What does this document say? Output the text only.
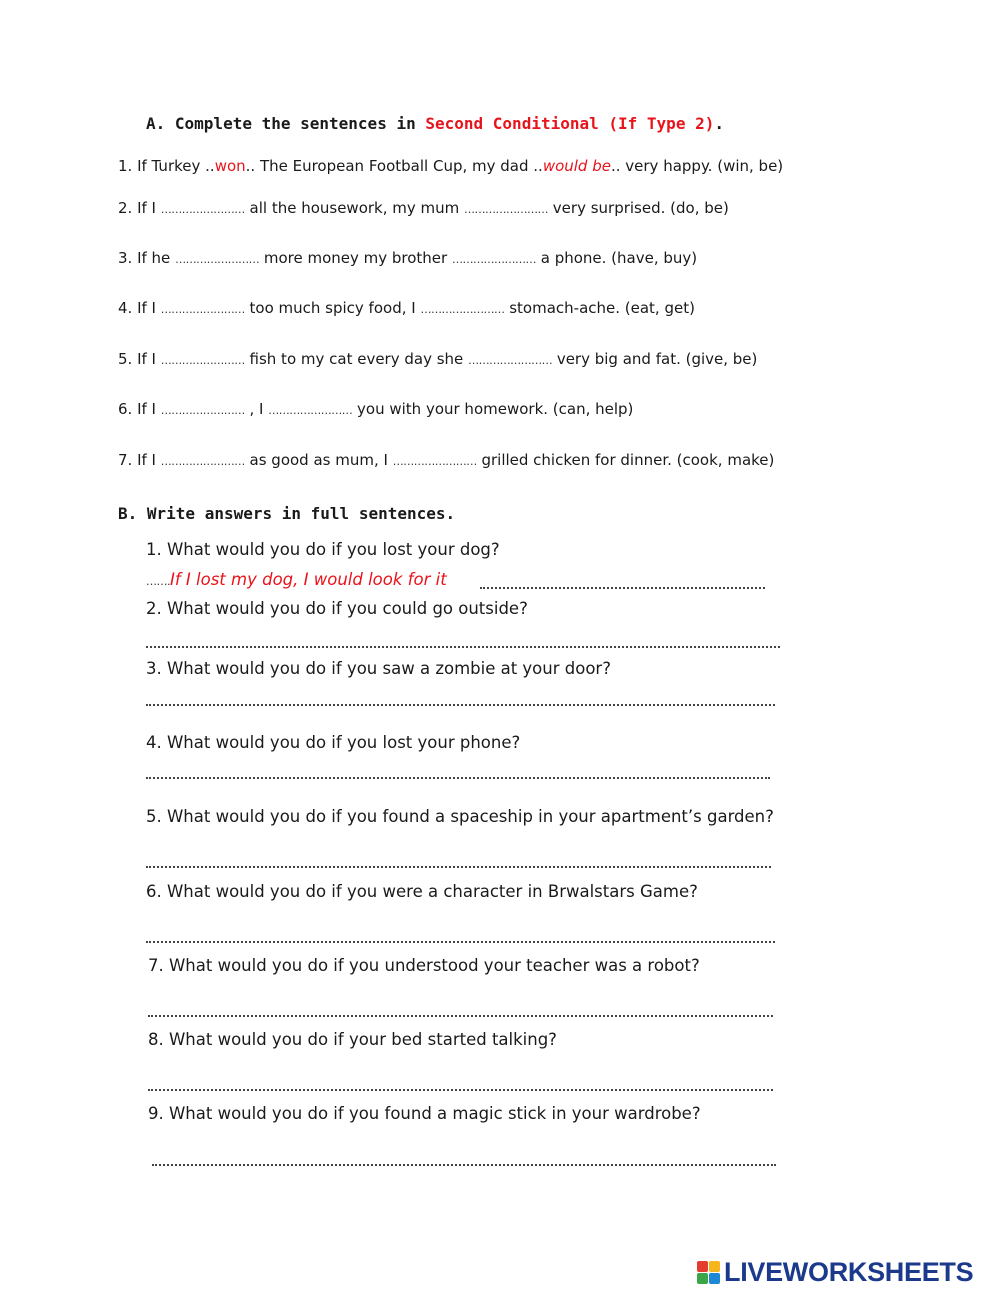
A. Complete the sentences in Second Conditional (If Type 2).
1. If Turkey ..won.. The European Football Cup, my dad ..would be.. very happy. (win, be)
2. If I …………………… all the housework, my mum …………………… very surprised. (do, be)
3. If he …………………… more money my brother …………………… a phone. (have, buy)
4. If I …………………… too much spicy food, I …………………… stomach-ache. (eat, get)
5. If I …………………… fish to my cat every day she …………………… very big and fat. (give, be)
6. If I …………………… , I …………………… you with your homework. (can, help)
7. If I …………………… as good as mum, I …………………… grilled chicken for dinner. (cook, make)
B. Write answers in full sentences.
1. What would you do if you lost your dog?
…….If I lost my dog, I would look for it
2. What would you do if you could go outside?
3. What would you do if you saw a zombie at your door?
4. What would you do if you lost your phone?
5. What would you do if you found a spaceship in your apartment’s garden?
6. What would you do if you were a character in Brwalstars Game?
7. What would you do if you understood your teacher was a robot?
8. What would you do if your bed started talking?
9. What would you do if you found a magic stick in your wardrobe?
LIVEWORKSHEETS
